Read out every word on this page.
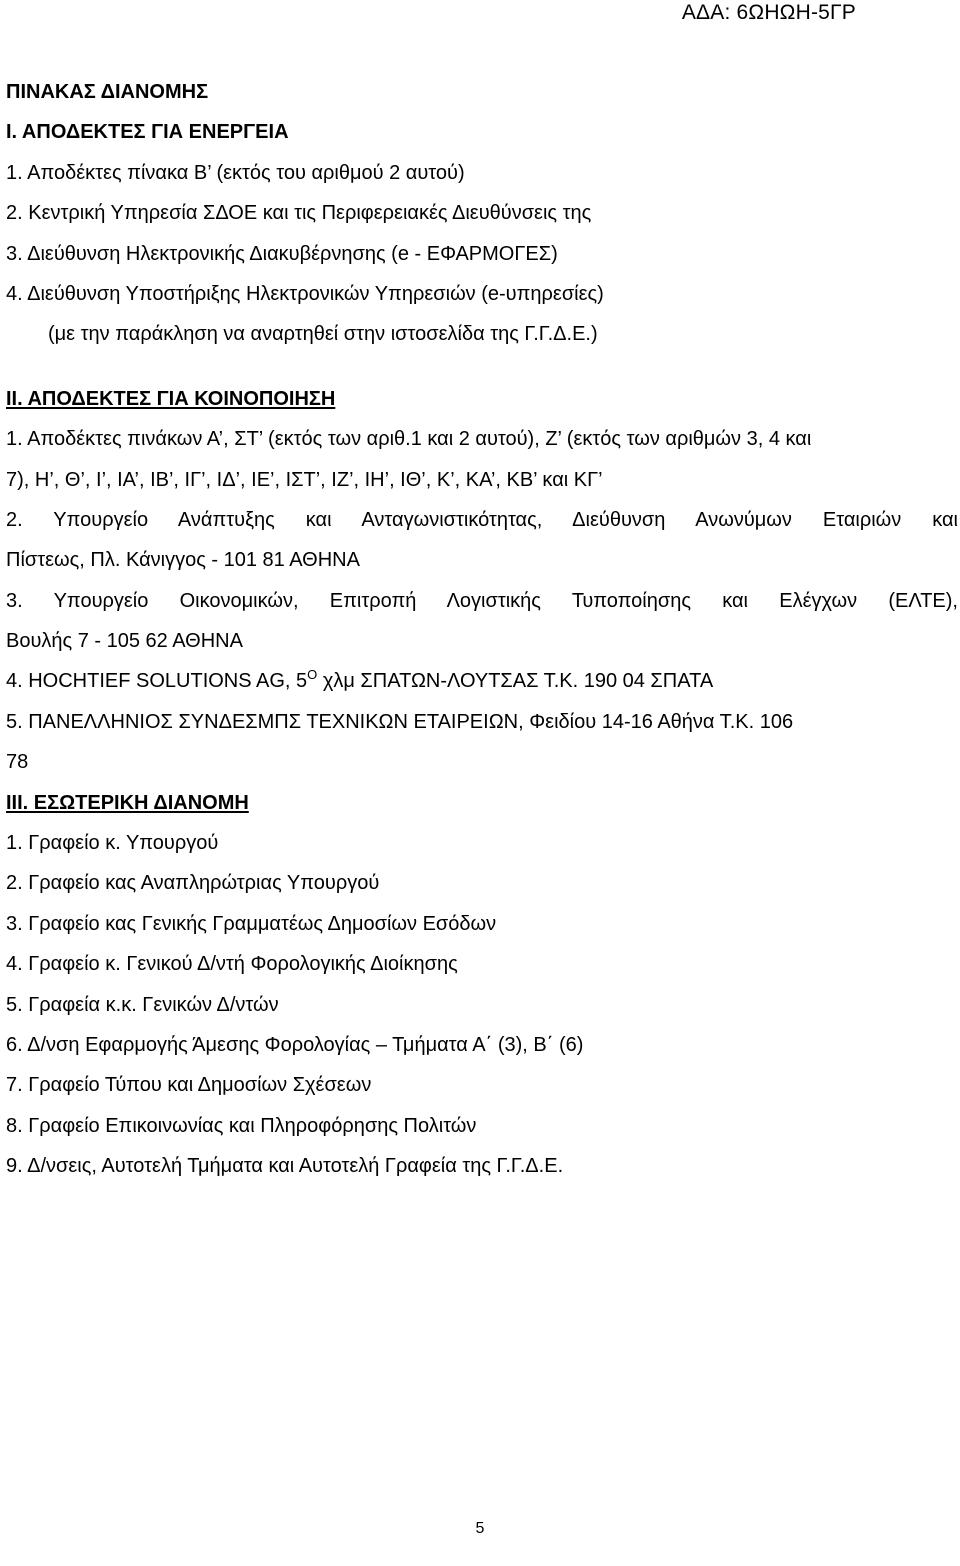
ΑΔΑ: 6ΩΗΩΗ-5ΓΡ
ΠΙΝΑΚΑΣ ΔΙΑΝΟΜΗΣ
Ι. ΑΠΟΔΕΚΤΕΣ ΓΙΑ ΕΝΕΡΓΕΙΑ
1. Αποδέκτες πίνακα Β’ (εκτός του αριθμού 2 αυτού)
2. Κεντρική Υπηρεσία ΣΔΟΕ και τις Περιφερειακές Διευθύνσεις της
3. Διεύθυνση Ηλεκτρονικής Διακυβέρνησης (e - ΕΦΑΡΜΟΓΕΣ)
4. Διεύθυνση Υποστήριξης Ηλεκτρονικών Υπηρεσιών (e-υπηρεσίες)
(με την παράκληση να αναρτηθεί στην ιστοσελίδα της Γ.Γ.Δ.Ε.)
ΙΙ. ΑΠΟΔΕΚΤΕΣ ΓΙΑ ΚΟΙΝΟΠΟΙΗΣΗ
1. Αποδέκτες πινάκων Α’, ΣΤ’ (εκτός των αριθ.1 και 2 αυτού), Ζ’ (εκτός των αριθμών 3, 4 και
7), Η’, Θ’, Ι’, ΙΑ’, ΙΒ’, ΙΓ’, ΙΔ’, ΙΕ’, ΙΣΤ’, ΙΖ’, ΙΗ’, ΙΘ’, Κ’, ΚΑ’, ΚΒ’ και ΚΓ’
2. Υπουργείο Ανάπτυξης και Ανταγωνιστικότητας, Διεύθυνση Ανωνύμων Εταιριών και
Πίστεως, Πλ. Κάνιγγος - 101 81 ΑΘΗΝΑ
3. Υπουργείο Οικονομικών, Επιτροπή Λογιστικής Τυποποίησης και Ελέγχων (ΕΛΤΕ),
Βουλής 7 - 105 62 ΑΘΗΝΑ
4. HOCHTIEF SOLUTIONS AG, $5^O$ χλμ ΣΠΑΤΩΝ-ΛΟΥΤΣΑΣ Τ.Κ. 190 04 ΣΠΑΤΑ
5. ΠΑΝΕΛΛΗΝΙΟΣ ΣΥΝΔΕΣΜΠΣ ΤΕΧΝΙΚΩΝ ΕΤΑΙΡΕΙΩΝ, Φειδίου 14-16 Αθήνα Τ.Κ. 106
78
ΙΙΙ. ΕΣΩΤΕΡΙΚΗ ΔΙΑΝΟΜΗ
1. Γραφείο κ. Υπουργού
2. Γραφείο κας Αναπληρώτριας Υπουργού
3. Γραφείο κας Γενικής Γραμματέως Δημοσίων Εσόδων
4. Γραφείο κ. Γενικού Δ/ντή Φορολογικής Διοίκησης
5. Γραφεία κ.κ. Γενικών Δ/ντών
6. Δ/νση Εφαρμογής Άμεσης Φορολογίας – Τμήματα Α΄ (3), Β΄ (6)
7. Γραφείο Τύπου και Δημοσίων Σχέσεων
8. Γραφείο Επικοινωνίας και Πληροφόρησης Πολιτών
9. Δ/νσεις, Αυτοτελή Τμήματα και Αυτοτελή Γραφεία της Γ.Γ.Δ.Ε.
5
